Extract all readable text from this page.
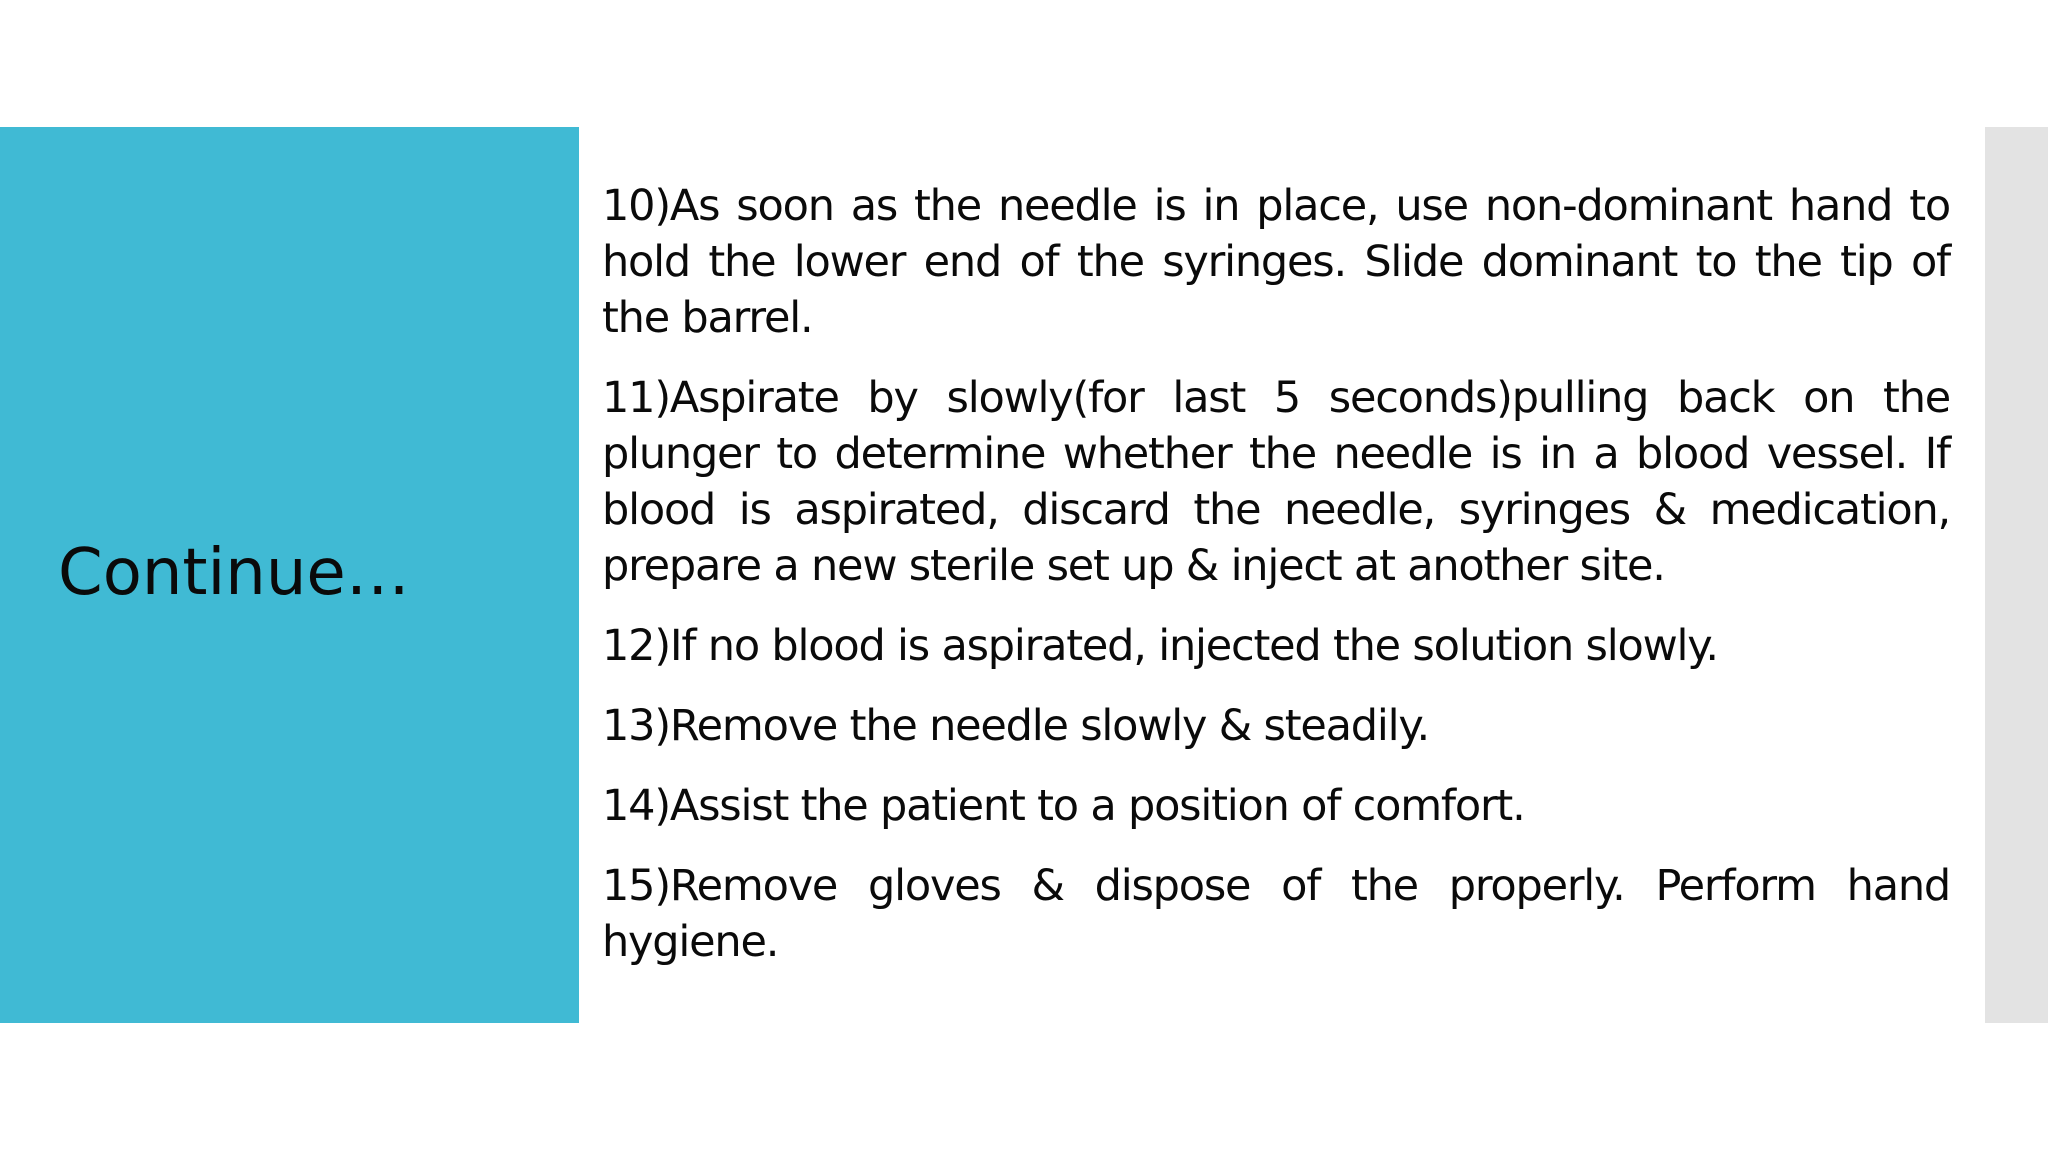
Continue…
10)As soon as the needle is in place, use non-dominant hand to hold the lower end of the syringes. Slide dominant to the tip of the barrel.
11)Aspirate by slowly(for last 5 seconds)pulling back on the plunger to determine whether the needle is in a blood vessel. If blood is aspirated, discard the needle, syringes & medication, prepare a new sterile set up & inject at another site.
12)If no blood is aspirated, injected the solution slowly.
13)Remove the needle slowly & steadily.
14)Assist the patient to a position of comfort.
15)Remove gloves & dispose of the properly. Perform hand hygiene.
